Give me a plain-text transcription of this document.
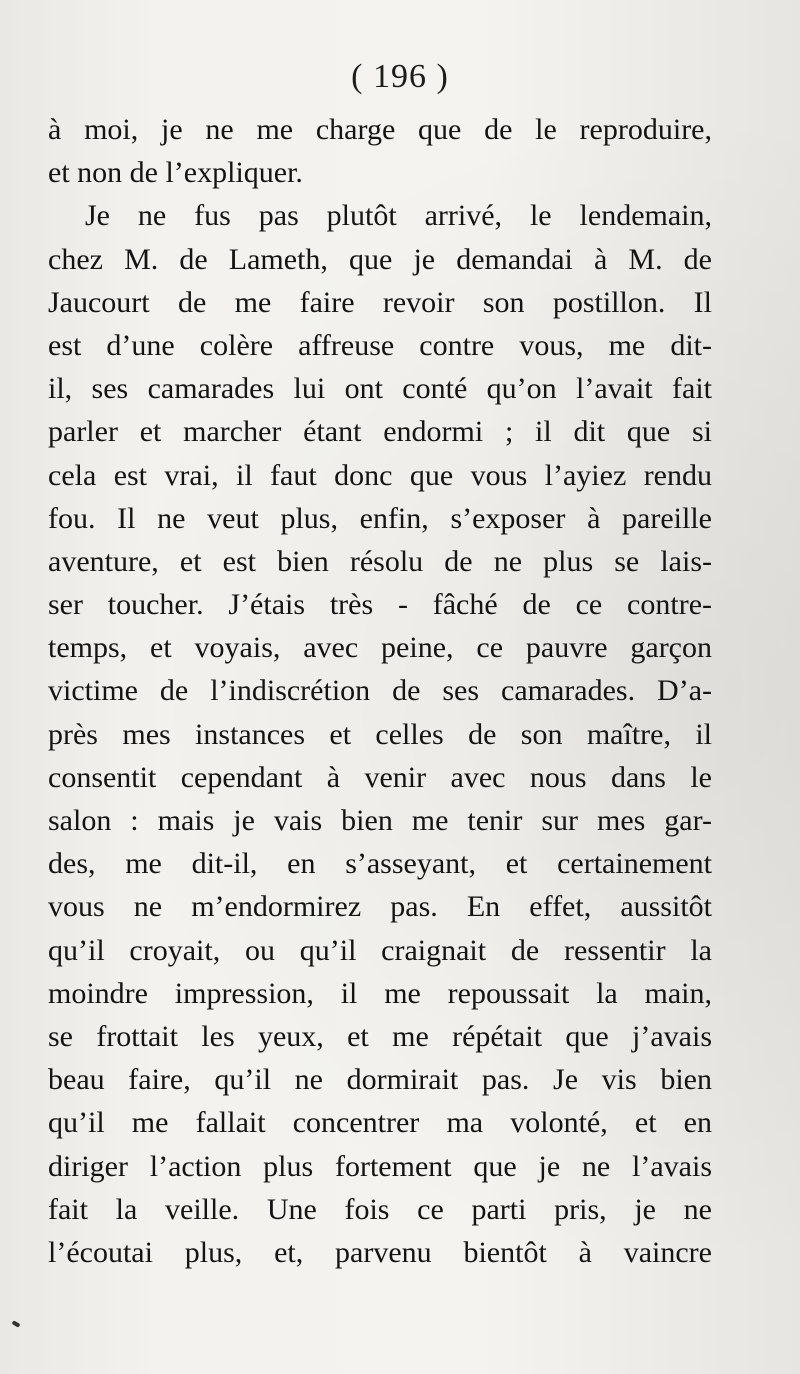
( 196 )
à moi, je ne me charge que de le reproduire,
et non de l’expliquer.
Je ne fus pas plutôt arrivé, le lendemain,
chez M. de Lameth, que je demandai à M. de
Jaucourt de me faire revoir son postillon. Il
est d’une colère affreuse contre vous, me dit-
il, ses camarades lui ont conté qu’on l’avait fait
parler et marcher étant endormi ; il dit que si
cela est vrai, il faut donc que vous l’ayiez rendu
fou. Il ne veut plus, enfin, s’exposer à pareille
aventure, et est bien résolu de ne plus se lais-
ser toucher. J’étais très - fâché de ce contre-
temps, et voyais, avec peine, ce pauvre garçon
victime de l’indiscrétion de ses camarades. D’a-
près mes instances et celles de son maître, il
consentit cependant à venir avec nous dans le
salon : mais je vais bien me tenir sur mes gar-
des, me dit-il, en s’asseyant, et certainement
vous ne m’endormirez pas. En effet, aussitôt
qu’il croyait, ou qu’il craignait de ressentir la
moindre impression, il me repoussait la main,
se frottait les yeux, et me répétait que j’avais
beau faire, qu’il ne dormirait pas. Je vis bien
qu’il me fallait concentrer ma volonté, et en
diriger l’action plus fortement que je ne l’avais
fait la veille. Une fois ce parti pris, je ne
l’écoutai plus, et, parvenu bientôt à vaincre
